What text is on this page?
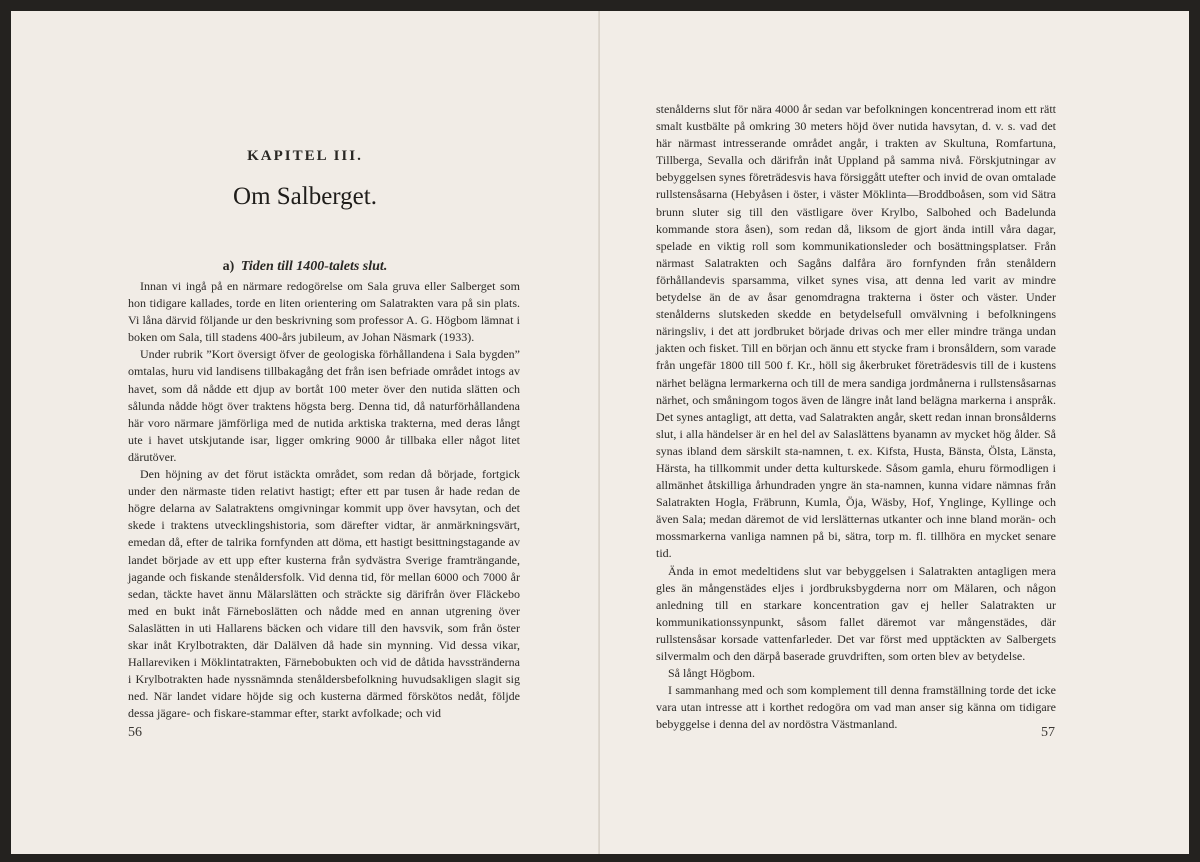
KAPITEL III.
Om Salberget.
a) Tiden till 1400-talets slut.

Innan vi ingå på en närmare redogörelse om Sala gruva eller Salberget som hon tidigare kallades, torde en liten orientering om Salatrakten vara på sin plats. Vi låna därvid följande ur den beskrivning som professor A. G. Högbom lämnat i boken om Sala, till stadens 400-års jubileum, av Johan Näsmark (1933).

Under rubrik ”Kort översigt öfver de geologiska förhållandena i Sala bygden” omtalas, huru vid landisens tillbakagång det från isen befriade området intogs av havet, som då nådde ett djup av bortåt 100 meter över den nutida slätten och sålunda nådde högt över traktens högsta berg. Denna tid, då naturförhållandena här voro närmare jämförliga med de nutida arktiska trakterna, med deras långt ute i havet utskjutande isar, ligger omkring 9000 år tillbaka eller något litet därutöver.

Den höjning av det förut istäckta området, som redan då började, fortgick under den närmaste tiden relativt hastigt; efter ett par tusen år hade redan de högre delarna av Salatraktens omgivningar kommit upp över havsytan, och det skede i traktens utvecklingshistoria, som därefter vidtar, är anmärkningsvärt, emedan då, efter de talrika fornfynden att döma, ett hastigt besittningstagande av landet började av ett upp efter kusterna från sydvästra Sverige framträngande, jagande och fiskande stenåldersfolk. Vid denna tid, för mellan 6000 och 7000 år sedan, täckte havet ännu Mälarslätten och sträckte sig därifrån över Fläckebo med en bukt inåt Färneboslätten och nådde med en annan utgrening över Salaslätten in uti Hallarens bäcken och vidare till den havsvik, som från öster skar inåt Krylbotrakten, där Dalälven då hade sin mynning. Vid dessa vikar, Hallareviken i Möklintatrakten, Färnebobukten och vid de dåtida havsstränderna i Krylbotrakten hade nyssnämnda stenåldersbefolkning huvudsakligen slagit sig ned. När landet vidare höjde sig och kusterna därmed förskötos nedåt, följde dessa jägare- och fiskare-stammar efter, starkt avfolkade; och vid

stenålderns slut för nära 4000 år sedan var befolkningen koncentrerad inom ett rätt smalt kustbälte på omkring 30 meters höjd över nutida havsytan, d. v. s. vad det här närmast intresserande området angår, i trakten av Skultuna, Romfartuna, Tillberga, Sevalla och därifrån inåt Uppland på samma nivå. Förskjutningar av bebyggelsen synes företrädesvis hava försiggått utefter och invid de ovan omtalade rullstensåsarna (Hebyåsen i öster, i väster Möklinta—Broddboåsen, som vid Sätra brunn sluter sig till den västligare över Krylbo, Salbohed och Badelunda kommande stora åsen), som redan då, liksom de gjort ända intill våra dagar, spelade en viktig roll som kommunikationsleder och bosättningsplatser. Från närmast Salatrakten och Sagåns dalfåra äro fornfynden från stenåldern förhållandevis sparsamma, vilket synes visa, att denna led varit av mindre betydelse än de av åsar genomdragna trakterna i öster och väster. Under stenålderns slutskeden skedde en betydelsefull omvälvning i befolkningens näringsliv, i det att jordbruket började drivas och mer eller mindre tränga undan jakten och fisket. Till en början och ännu ett stycke fram i bronsåldern, som varade från ungefär 1800 till 500 f. Kr., höll sig åkerbruket företrädesvis till de i kustens närhet belägna lermarkerna och till de mera sandiga jordmånerna i rullstensåsarnas närhet, och småningom togos även de längre inåt land belägna markerna i anspråk. Det synes antagligt, att detta, vad Salatrakten angår, skett redan innan bronsålderns slut, i alla händelser är en hel del av Salaslättens byanamn av mycket hög ålder. Så synas ibland dem särskilt sta-namnen, t. ex. Kifsta, Husta, Bänsta, Ölsta, Länsta, Härsta, ha tillkommit under detta kulturskede. Såsom gamla, ehuru förmodligen i allmänhet åtskilliga århundraden yngre än sta-namnen, kunna vidare nämnas från Salatrakten Hogla, Fräbrunn, Kumla, Öja, Wäsby, Hof, Ynglinge, Kyllinge och även Sala; medan däremot de vid lerslätternas utkanter och inne bland morän- och mossmarkerna vanliga namnen på bi, sätra, torp m. fl. tillhöra en mycket senare tid.

Ända in emot medeltidens slut var bebyggelsen i Salatrakten antagligen mera gles än mångenstädes eljes i jordbruksbygderna norr om Mälaren, och någon anledning till en starkare koncentration gav ej heller Salatrakten ur kommunikationssynpunkt, såsom fallet däremot var mångenstädes, där rullstensåsar korsade vattenfarleder. Det var först med upptäckten av Salbergets silvermalm och den därpå baserade gruvdriften, som orten blev av betydelse.

Så långt Högbom.

I sammanhang med och som komplement till denna framställning torde det icke vara utan intresse att i korthet redogöra om vad man anser sig känna om tidigare bebyggelse i denna del av nordöstra Västmanland.

56	57
